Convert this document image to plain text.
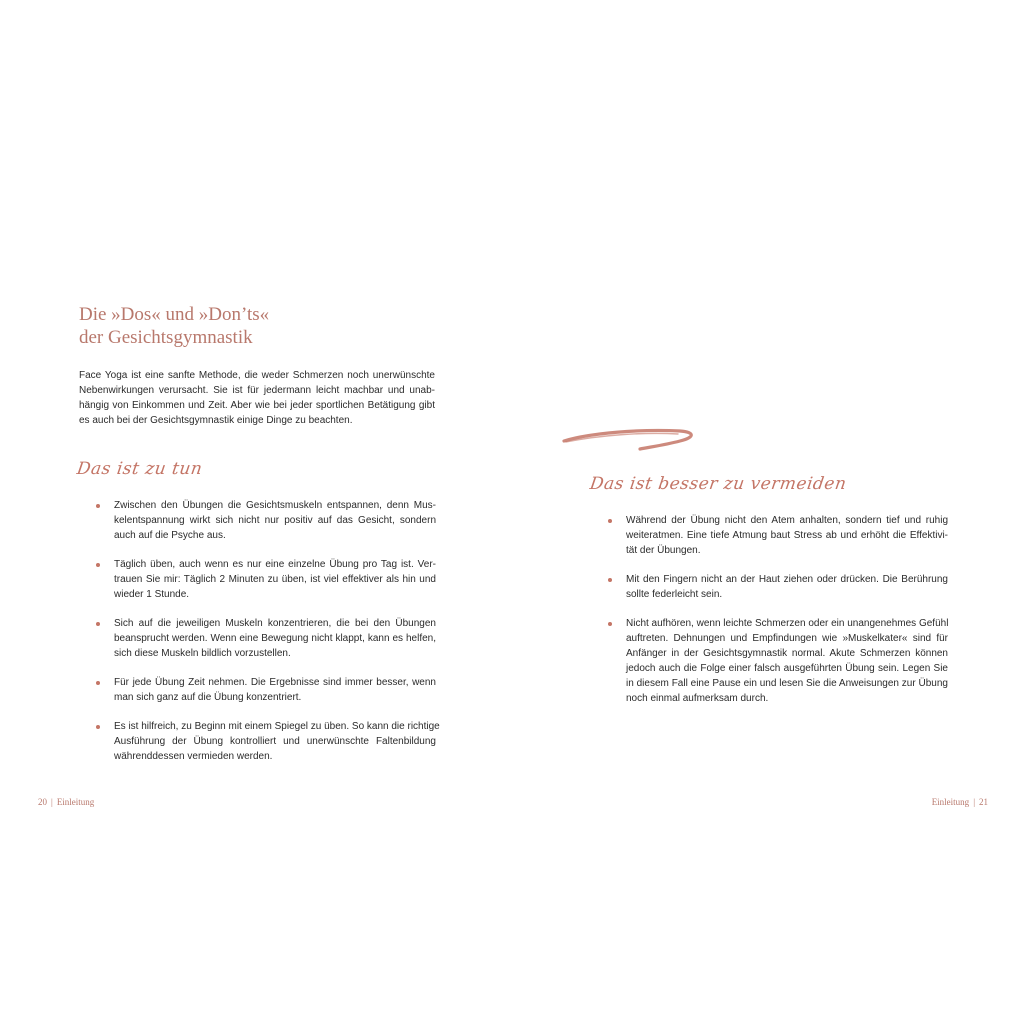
Die »Dos« und »Don’ts«
der Gesichtsgymnastik
Face Yoga ist eine sanfte Methode, die weder Schmerzen noch unerwünschte
Nebenwirkungen verursacht. Sie ist für jedermann leicht machbar und unab-
hängig von Einkommen und Zeit. Aber wie bei jeder sportlichen Betätigung gibt
es auch bei der Gesichtsgymnastik einige Dinge zu beachten.
Das ist zu tun
Zwischen den Übungen die Gesichtsmuskeln entspannen, denn Mus-
kelentspannung wirkt sich nicht nur positiv auf das Gesicht, sondern
auch auf die Psyche aus.
Täglich üben, auch wenn es nur eine einzelne Übung pro Tag ist. Ver-
trauen Sie mir: Täglich 2 Minuten zu üben, ist viel effektiver als hin und
wieder 1 Stunde.
Sich auf die jeweiligen Muskeln konzentrieren, die bei den Übungen
beansprucht werden. Wenn eine Bewegung nicht klappt, kann es helfen,
sich diese Muskeln bildlich vorzustellen.
Für jede Übung Zeit nehmen. Die Ergebnisse sind immer besser, wenn
man sich ganz auf die Übung konzentriert.
Es ist hilfreich, zu Beginn mit einem Spiegel zu üben. So kann die richtige
Ausführung der Übung kontrolliert und unerwünschte Faltenbildung
währenddessen vermieden werden.

20 | Einleitung

Das ist besser zu vermeiden
Während der Übung nicht den Atem anhalten, sondern tief und ruhig
weiteratmen. Eine tiefe Atmung baut Stress ab und erhöht die Effektivi-
tät der Übungen.
Mit den Fingern nicht an der Haut ziehen oder drücken. Die Berührung
sollte federleicht sein.
Nicht aufhören, wenn leichte Schmerzen oder ein unangenehmes Gefühl
auftreten. Dehnungen und Empfindungen wie »Muskelkater« sind für
Anfänger in der Gesichtsgymnastik normal. Akute Schmerzen können
jedoch auch die Folge einer falsch ausgeführten Übung sein. Legen Sie
in diesem Fall eine Pause ein und lesen Sie die Anweisungen zur Übung
noch einmal aufmerksam durch.

Einleitung | 21
